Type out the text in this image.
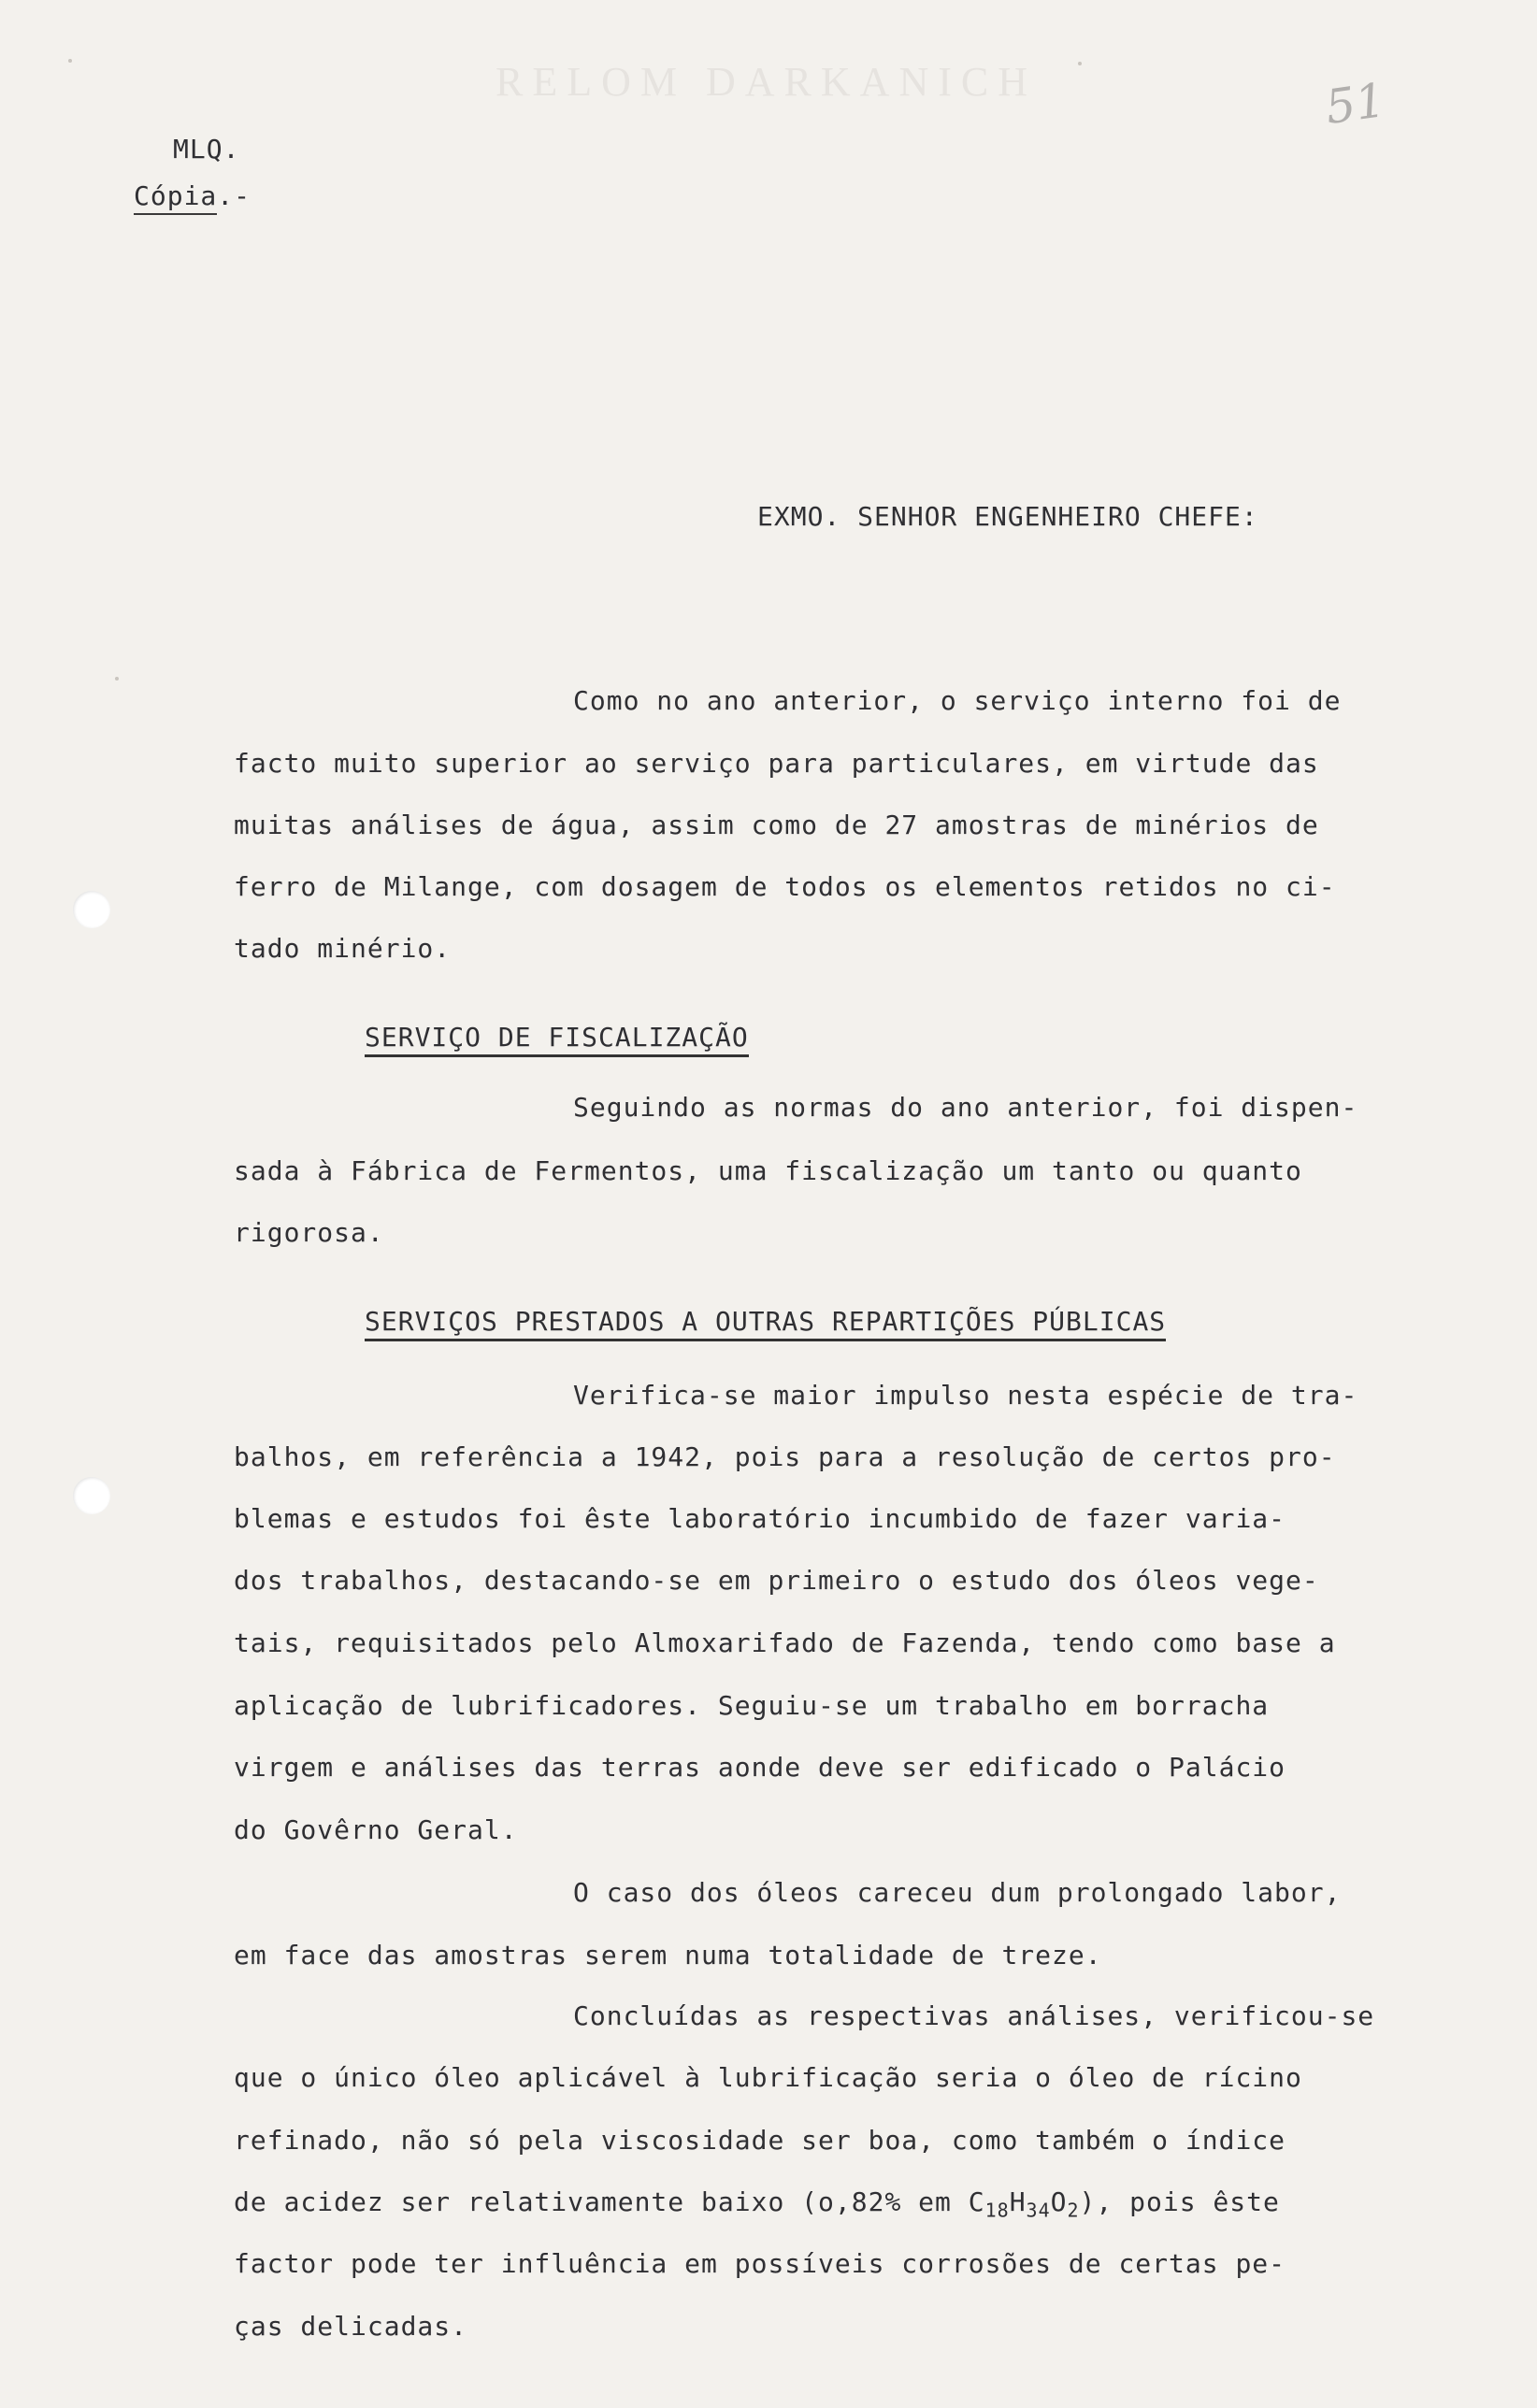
RELOM DARKANICH	51
MLQ.
Cópia.-
EXMO. SENHOR ENGENHEIRO CHEFE:
Como no ano anterior, o serviço interno foi de
facto muito superior ao serviço para particulares, em virtude das
muitas análises de água, assim como de 27 amostras de minérios de
ferro de Milange, com dosagem de todos os elementos retidos no ci-
tado minério.
SERVIÇO DE FISCALIZAÇÃO
Seguindo as normas do ano anterior, foi dispen-
sada à Fábrica de Fermentos, uma fiscalização um tanto ou quanto
rigorosa.
SERVIÇOS PRESTADOS A OUTRAS REPARTIÇÕES PÚBLICAS
Verifica-se maior impulso nesta espécie de tra-
balhos, em referência a 1942, pois para a resolução de certos pro-
blemas e estudos foi êste laboratório incumbido de fazer varia-
dos trabalhos, destacando-se em primeiro o estudo dos óleos vege-
tais, requisitados pelo Almoxarifado de Fazenda, tendo como base a
aplicação de lubrificadores. Seguiu-se um trabalho em borracha
virgem e análises das terras aonde deve ser edificado o Palácio
do Govêrno Geral.
O caso dos óleos careceu dum prolongado labor,
em face das amostras serem numa totalidade de treze.
Concluídas as respectivas análises, verificou-se
que o único óleo aplicável à lubrificação seria o óleo de rícino
refinado, não só pela viscosidade ser boa, como também o índice
de acidez ser relativamente baixo (o,82% em $C_{18}H_{34}O_2$), pois êste
factor pode ter influência em possíveis corrosões de certas pe-
ças delicadas.
